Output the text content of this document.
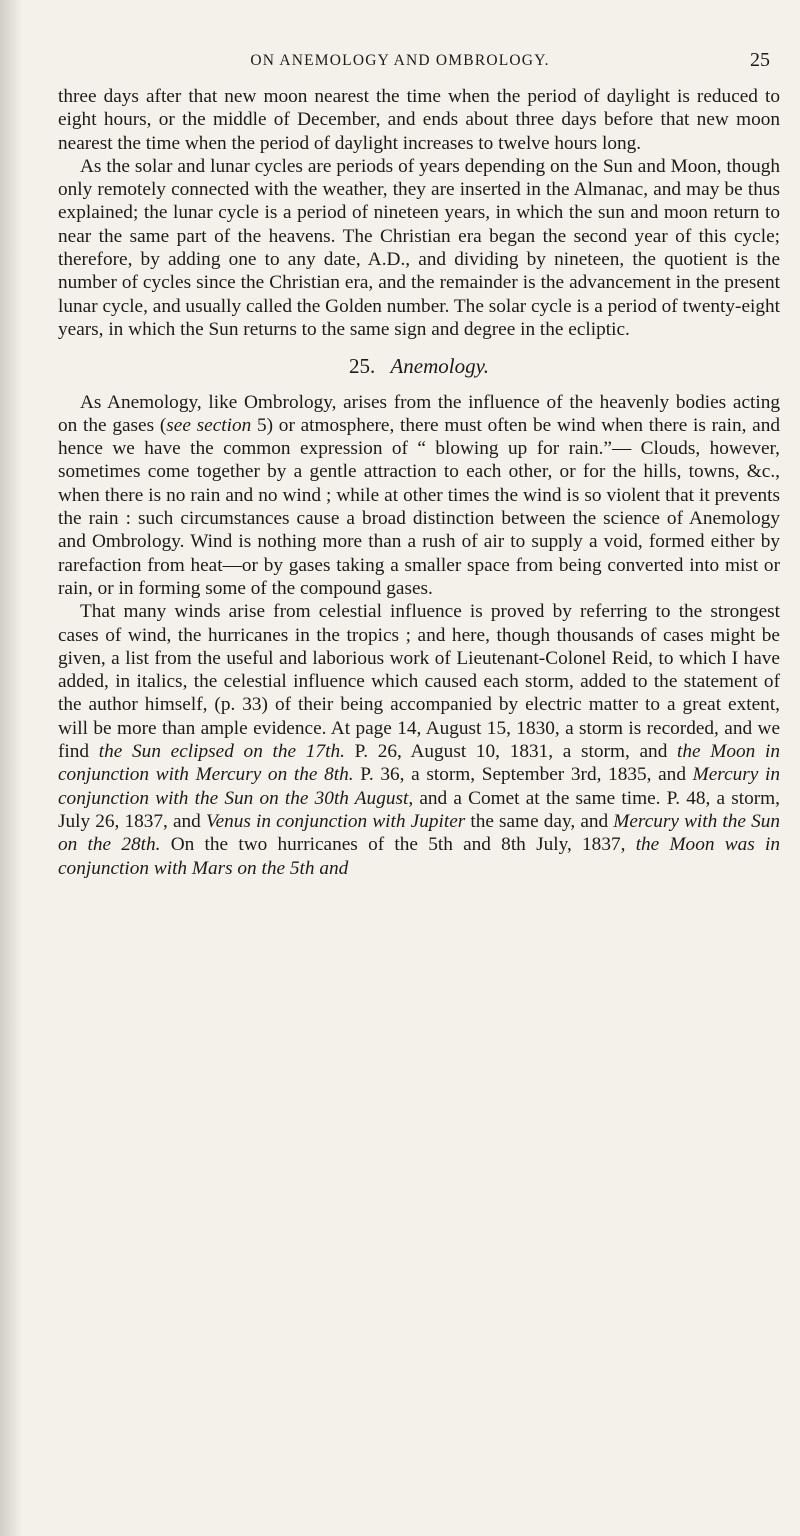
ON ANEMOLOGY AND OMBROLOGY.	25

three days after that new moon nearest the time when the period of daylight is reduced to eight hours, or the middle of December, and ends about three days before that new moon nearest the time when the period of daylight increases to twelve hours long.

As the solar and lunar cycles are periods of years depending on the Sun and Moon, though only remotely connected with the weather, they are inserted in the Almanac, and may be thus explained; the lunar cycle is a period of nineteen years, in which the sun and moon return to near the same part of the heavens. The Christian era began the second year of this cycle; therefore, by adding one to any date, A.D., and dividing by nineteen, the quotient is the number of cycles since the Christian era, and the remainder is the advancement in the present lunar cycle, and usually called the Golden number. The solar cycle is a period of twenty-eight years, in which the Sun returns to the same sign and degree in the ecliptic.

25. Anemology.

As Anemology, like Ombrology, arises from the influence of the heavenly bodies acting on the gases (see section 5) or atmosphere, there must often be wind when there is rain, and hence we have the common expression of “ blowing up for rain.”— Clouds, however, sometimes come together by a gentle attraction to each other, or for the hills, towns, &c., when there is no rain and no wind ; while at other times the wind is so violent that it prevents the rain : such circumstances cause a broad distinction between the science of Anemology and Ombrology. Wind is nothing more than a rush of air to supply a void, formed either by rarefaction from heat—or by gases taking a smaller space from being converted into mist or rain, or in forming some of the compound gases.

That many winds arise from celestial influence is proved by referring to the strongest cases of wind, the hurricanes in the tropics ; and here, though thousands of cases might be given, a list from the useful and laborious work of Lieutenant-Colonel Reid, to which I have added, in italics, the celestial influence which caused each storm, added to the statement of the author himself, (p. 33) of their being accompanied by electric matter to a great extent, will be more than ample evidence. At page 14, August 15, 1830, a storm is recorded, and we find the Sun eclipsed on the 17th. P. 26, August 10, 1831, a storm, and the Moon in conjunction with Mercury on the 8th. P. 36, a storm, September 3rd, 1835, and Mercury in conjunction with the Sun on the 30th August, and a Comet at the same time. P. 48, a storm, July 26, 1837, and Venus in conjunction with Jupiter the same day, and Mercury with the Sun on the 28th. On the two hurricanes of the 5th and 8th July, 1837, the Moon was in conjunction with Mars on the 5th and
